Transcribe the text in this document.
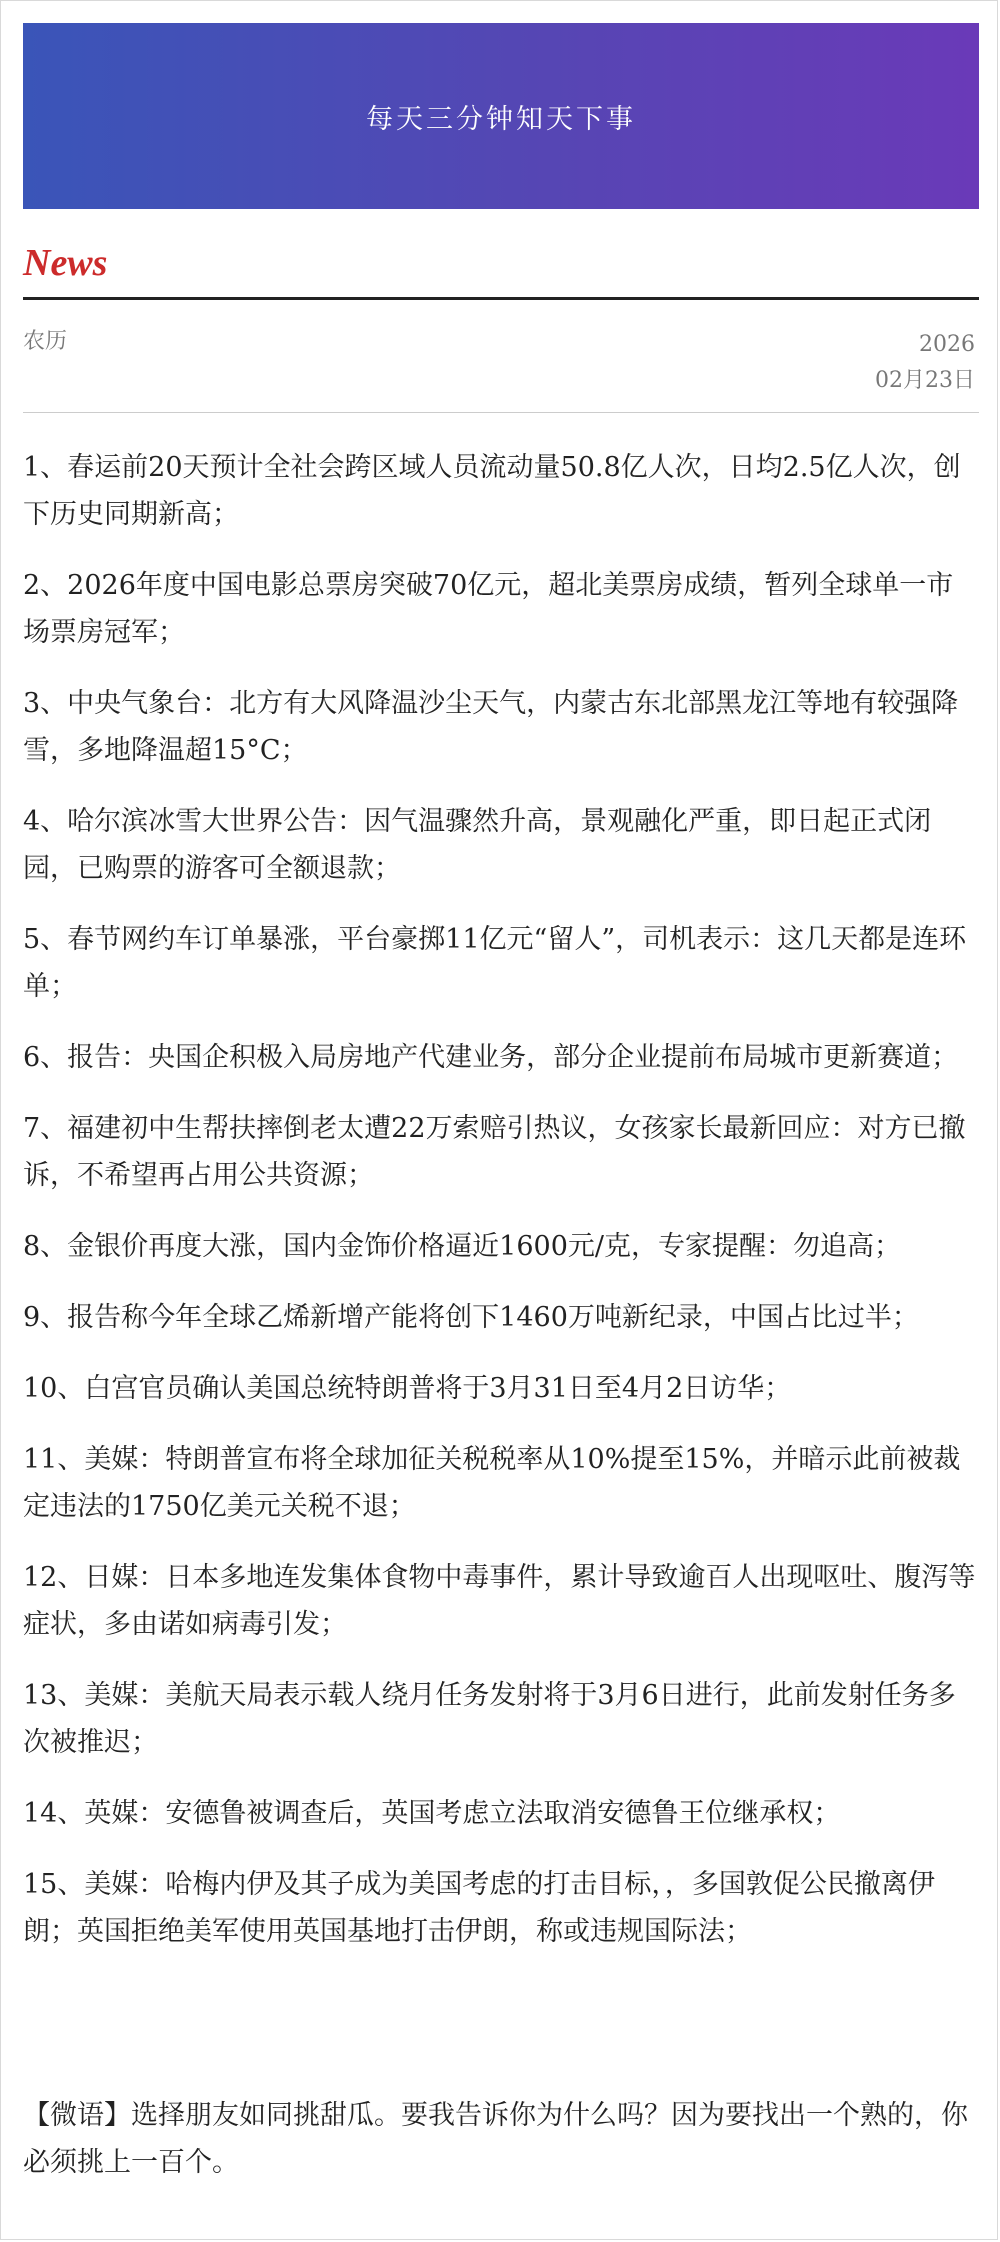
每天三分钟知天下事
News
农历	2026
02月23日
1、春运前20天预计全社会跨区域人员流动量50.8亿人次，日均2.5亿人次，创下历史同期新高；
2、2026年度中国电影总票房突破70亿元，超北美票房成绩，暂列全球单一市场票房冠军；
3、中央气象台：北方有大风降温沙尘天气，内蒙古东北部黑龙江等地有较强降雪，多地降温超15°C；
4、哈尔滨冰雪大世界公告：因气温骤然升高，景观融化严重，即日起正式闭园，已购票的游客可全额退款；
5、春节网约车订单暴涨，平台豪掷11亿元“留人”，司机表示：这几天都是连环单；
6、报告：央国企积极入局房地产代建业务，部分企业提前布局城市更新赛道；
7、福建初中生帮扶摔倒老太遭22万索赔引热议，女孩家长最新回应：对方已撤诉，不希望再占用公共资源；
8、金银价再度大涨，国内金饰价格逼近1600元/克，专家提醒：勿追高；
9、报告称今年全球乙烯新增产能将创下1460万吨新纪录，中国占比过半；
10、白宫官员确认美国总统特朗普将于3月31日至4月2日访华；
11、美媒：特朗普宣布将全球加征关税税率从10%提至15%，并暗示此前被裁定违法的1750亿美元关税不退；
12、日媒：日本多地连发集体食物中毒事件，累计导致逾百人出现呕吐、腹泻等症状，多由诺如病毒引发；
13、美媒：美航天局表示载人绕月任务发射将于3月6日进行，此前发射任务多次被推迟；
14、英媒：安德鲁被调查后，英国考虑立法取消安德鲁王位继承权；
15、美媒：哈梅内伊及其子成为美国考虑的打击目标，，多国敦促公民撤离伊朗；英国拒绝美军使用英国基地打击伊朗，称或违规国际法；

【微语】选择朋友如同挑甜瓜。要我告诉你为什么吗？因为要找出一个熟的，你必须挑上一百个。
